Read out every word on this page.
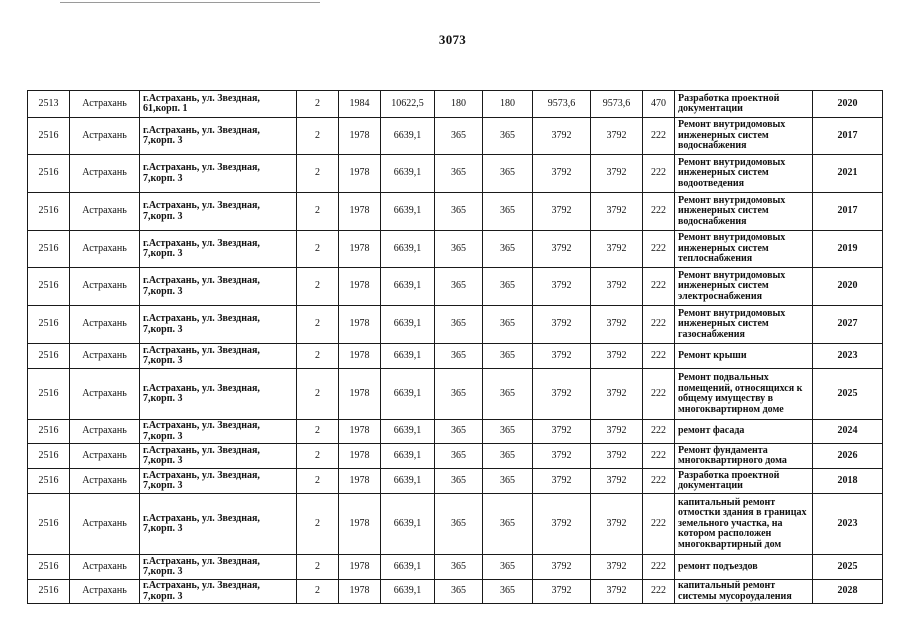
3073
2513	Астрахань	г.Астрахань, ул. Звездная, 61,корп. 1	2	1984	10622,5	180	180	9573,6	9573,6	470	Разработка проектной документации	2020
2516	Астрахань	г.Астрахань, ул. Звездная, 7,корп. 3	2	1978	6639,1	365	365	3792	3792	222	Ремонт внутридомовых инженерных систем водоснабжения	2017
2516	Астрахань	г.Астрахань, ул. Звездная, 7,корп. 3	2	1978	6639,1	365	365	3792	3792	222	Ремонт внутридомовых инженерных систем водоотведения	2021
2516	Астрахань	г.Астрахань, ул. Звездная, 7,корп. 3	2	1978	6639,1	365	365	3792	3792	222	Ремонт внутридомовых инженерных систем водоснабжения	2017
2516	Астрахань	г.Астрахань, ул. Звездная, 7,корп. 3	2	1978	6639,1	365	365	3792	3792	222	Ремонт внутридомовых инженерных систем теплоснабжения	2019
2516	Астрахань	г.Астрахань, ул. Звездная, 7,корп. 3	2	1978	6639,1	365	365	3792	3792	222	Ремонт внутридомовых инженерных систем электроснабжения	2020
2516	Астрахань	г.Астрахань, ул. Звездная, 7,корп. 3	2	1978	6639,1	365	365	3792	3792	222	Ремонт внутридомовых инженерных систем газоснабжения	2027
2516	Астрахань	г.Астрахань, ул. Звездная, 7,корп. 3	2	1978	6639,1	365	365	3792	3792	222	Ремонт крыши	2023
2516	Астрахань	г.Астрахань, ул. Звездная, 7,корп. 3	2	1978	6639,1	365	365	3792	3792	222	Ремонт подвальных помещений, относящихся к общему имуществу в многоквартирном доме	2025
2516	Астрахань	г.Астрахань, ул. Звездная, 7,корп. 3	2	1978	6639,1	365	365	3792	3792	222	ремонт фасада	2024
2516	Астрахань	г.Астрахань, ул. Звездная, 7,корп. 3	2	1978	6639,1	365	365	3792	3792	222	Ремонт фундамента многоквартирного дома	2026
2516	Астрахань	г.Астрахань, ул. Звездная, 7,корп. 3	2	1978	6639,1	365	365	3792	3792	222	Разработка проектной документации	2018
2516	Астрахань	г.Астрахань, ул. Звездная, 7,корп. 3	2	1978	6639,1	365	365	3792	3792	222	капитальный ремонт отмостки здания в границах земельного участка, на котором расположен многоквартирный дом	2023
2516	Астрахань	г.Астрахань, ул. Звездная, 7,корп. 3	2	1978	6639,1	365	365	3792	3792	222	ремонт подъездов	2025
2516	Астрахань	г.Астрахань, ул. Звездная, 7,корп. 3	2	1978	6639,1	365	365	3792	3792	222	капитальный ремонт системы мусороудаления	2028
